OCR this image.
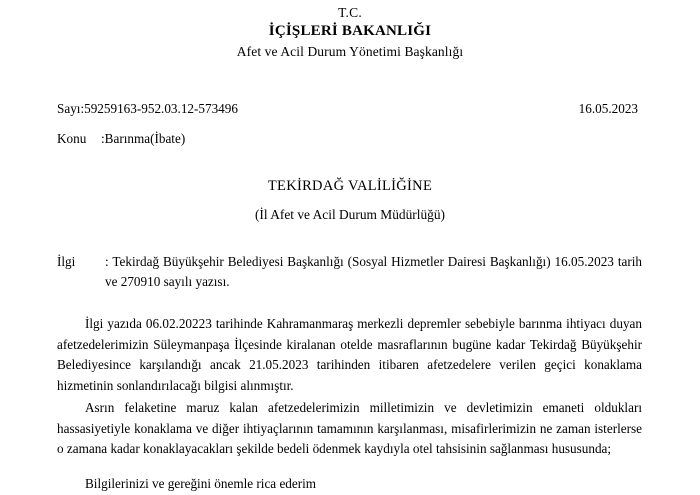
T.C.
İÇİŞLERİ BAKANLIĞI
Afet ve Acil Durum Yönetimi Başkanlığı
Sayı:59259163-952.03.12-573496	16.05.2023
Konu :Barınma(İbate)
TEKİRDAĞ VALİLİĞİNE
(İl Afet ve Acil Durum Müdürlüğü)
İlgi	: Tekirdağ Büyükşehir Belediyesi Başkanlığı (Sosyal Hizmetler Dairesi Başkanlığı) 16.05.2023 tarih ve 270910 sayılı yazısı.

İlgi yazıda 06.02.20223 tarihinde Kahramanmaraş merkezli depremler sebebiyle barınma ihtiyacı duyan afetzedelerimizin Süleymanpaşa İlçesinde kiralanan otelde masraflarının bugüne kadar Tekirdağ Büyükşehir Belediyesince karşılandığı ancak 21.05.2023 tarihinden itibaren afetzedelere verilen geçici konaklama hizmetinin sonlandırılacağı bilgisi alınmıştır.

Asrın felaketine maruz kalan afetzedelerimizin milletimizin ve devletimizin emaneti oldukları hassasiyetiyle konaklama ve diğer ihtiyaçlarının tamamının karşılanması, misafirlerimizin ne zaman isterlerse o zamana kadar konaklayacakları şekilde bedeli ödenmek kaydıyla otel tahsisinin sağlanması hususunda;

Bilgilerinizi ve gereğini önemle rica ederim
